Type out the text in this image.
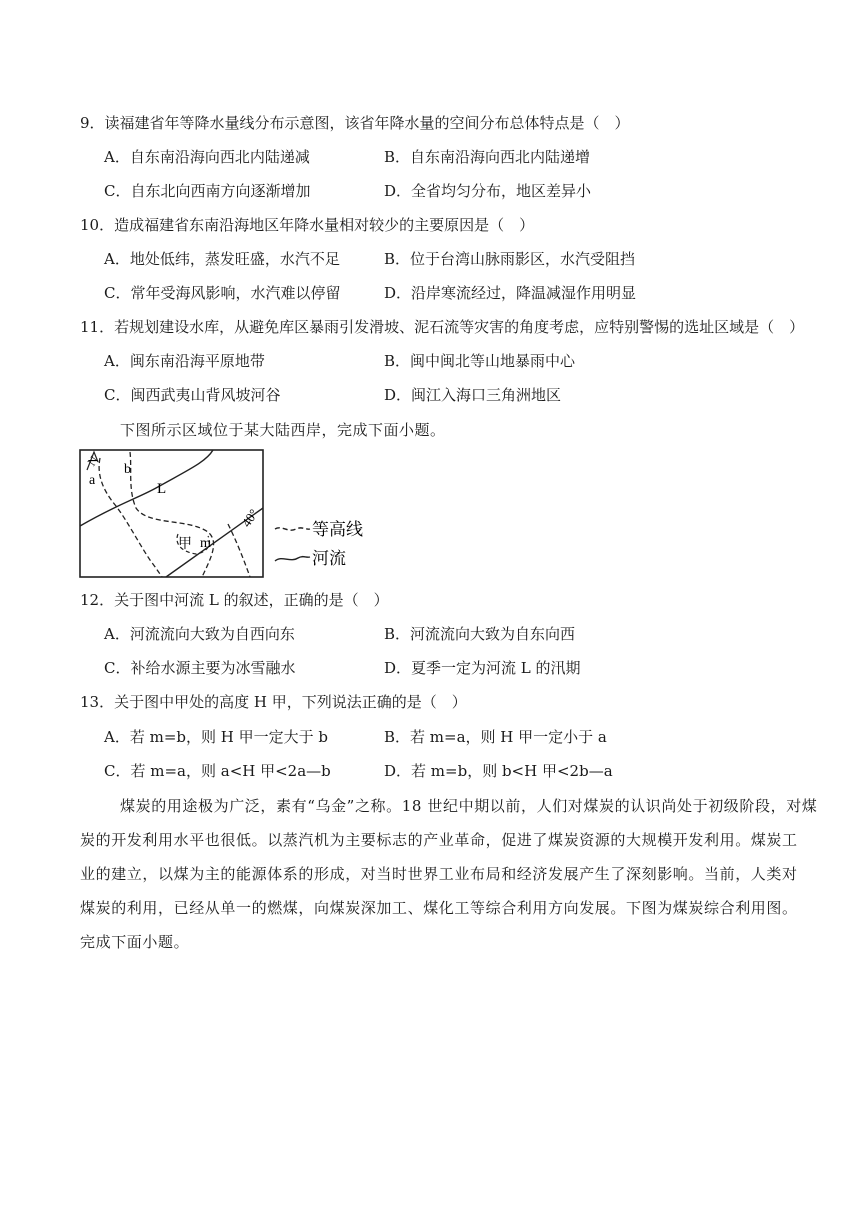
9．读福建省年等降水量线分布示意图，该省年降水量的空间分布总体特点是（　）
A．自东南沿海向西北内陆递减	B．自东南沿海向西北内陆递增
C．自东北向西南方向逐渐增加	D．全省均匀分布，地区差异小
10．造成福建省东南沿海地区年降水量相对较少的主要原因是（　）
A．地处低纬，蒸发旺盛，水汽不足	B．位于台湾山脉雨影区，水汽受阻挡
C．常年受海风影响，水汽难以停留	D．沿岸寒流经过，降温减湿作用明显
11．若规划建设水库，从避免库区暴雨引发滑坡、泥石流等灾害的角度考虑，应特别警惕的选址区域是（　）
A．闽东南沿海平原地带	B．闽中闽北等山地暴雨中心
C．闽西武夷山背风坡河谷	D．闽江入海口三角洲地区
下图所示区域位于某大陆西岸，完成下面小题。
N
a
b
L
40°
甲 m
等高线
河流
12．关于图中河流 L 的叙述，正确的是（　）
A．河流流向大致为自西向东	B．河流流向大致为自东向西
C．补给水源主要为冰雪融水	D．夏季一定为河流 L 的汛期
13．关于图中甲处的高度 H 甲，下列说法正确的是（　）
A．若 m=b，则 H 甲一定大于 b	B．若 m=a，则 H 甲一定小于 a
C．若 m=a，则 a<H 甲<2a—b	D．若 m=b，则 b<H 甲<2b—a
煤炭的用途极为广泛，素有“乌金”之称。18 世纪中期以前，人们对煤炭的认识尚处于初级阶段，对煤
炭的开发利用水平也很低。以蒸汽机为主要标志的产业革命，促进了煤炭资源的大规模开发利用。煤炭工
业的建立，以煤为主的能源体系的形成，对当时世界工业布局和经济发展产生了深刻影响。当前，人类对
煤炭的利用，已经从单一的燃煤，向煤炭深加工、煤化工等综合利用方向发展。下图为煤炭综合利用图。
完成下面小题。
